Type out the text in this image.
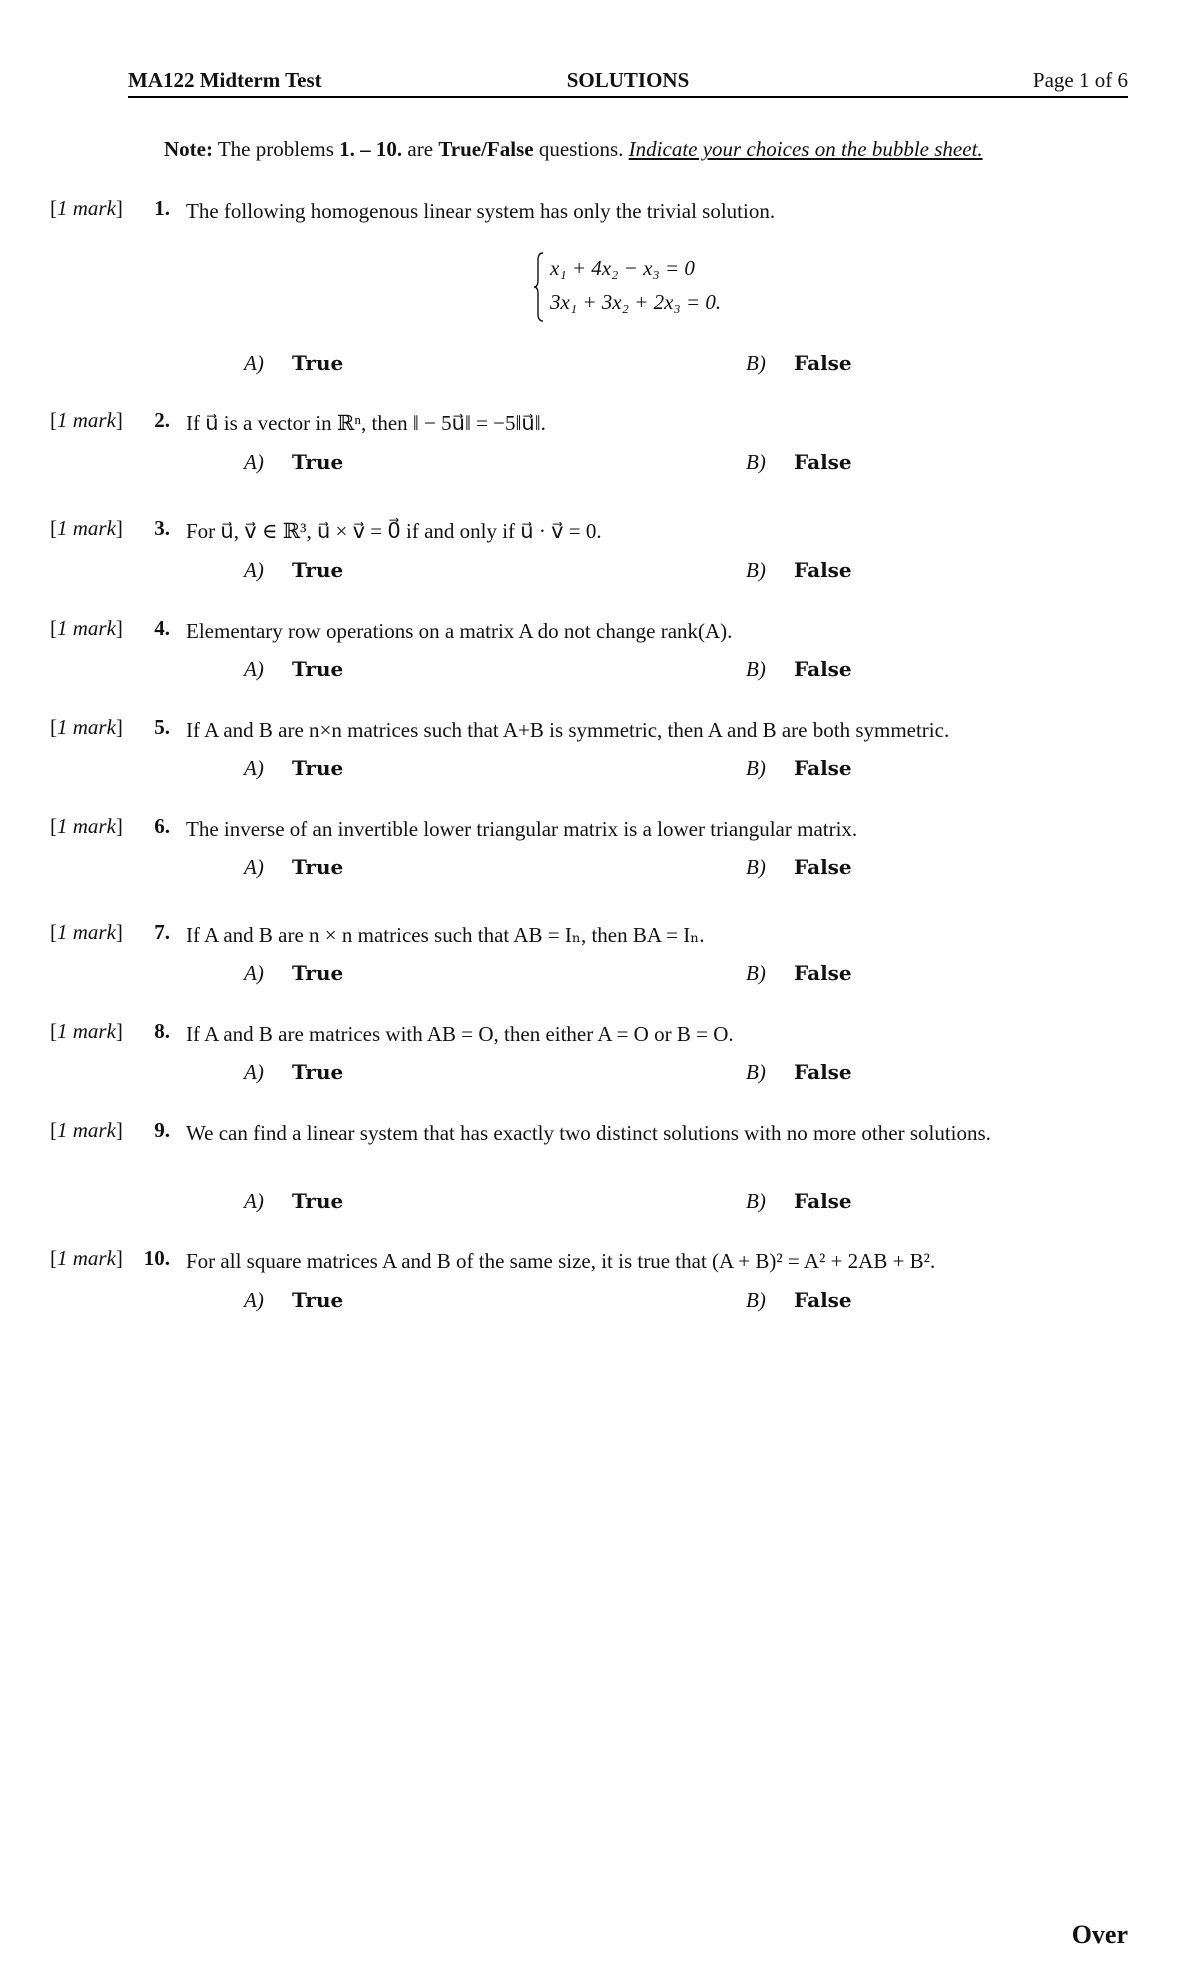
MA122 Midterm Test	SOLUTIONS	Page 1 of 6
Note: The problems 1. – 10. are True/False questions. Indicate your choices on the bubble sheet.
[1 mark]	1. The following homogenous linear system has only the trivial solution.
A) True	B) False
[1 mark]	2. If u⃗ is a vector in ℝⁿ, then ‖ − 5u⃗‖ = −5‖u⃗‖.
A) True	B) False
[1 mark]	3. For u⃗, v⃗ ∈ ℝ³, u⃗ × v⃗ = 0⃗ if and only if u⃗ · v⃗ = 0.
A) True	B) False
[1 mark]	4. Elementary row operations on a matrix A do not change rank(A).
A) True	B) False
[1 mark]	5. If A and B are n×n matrices such that A+B is symmetric, then A and B are both symmetric.
A) True	B) False
[1 mark]	6. The inverse of an invertible lower triangular matrix is a lower triangular matrix.
A) True	B) False
[1 mark]	7. If A and B are n × n matrices such that AB = Iₙ, then BA = Iₙ.
A) True	B) False
[1 mark]	8. If A and B are matrices with AB = O, then either A = O or B = O.
A) True	B) False
[1 mark]	9. We can find a linear system that has exactly two distinct solutions with no more other solutions.
A) True	B) False
[1 mark] 10. For all square matrices A and B of the same size, it is true that (A + B)² = A² + 2AB + B².
A) True	B) False
x₁ + 4x₂ − x₃ = 0
3x₁ + 3x₂ + 2x₃ = 0.
Over
